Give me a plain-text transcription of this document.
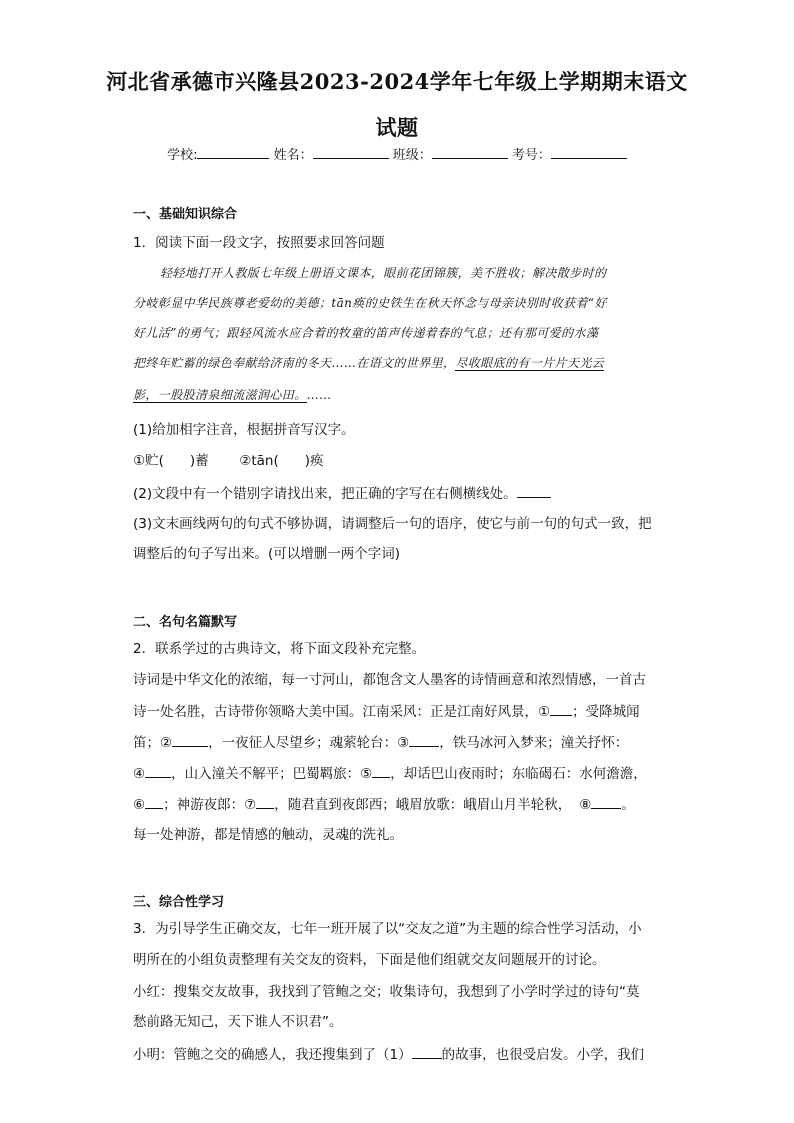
河北省承德市兴隆县2023-2024学年七年级上学期期末语文
试题
学校:	姓名：	班级：	考号：
一、基础知识综合
1．阅读下面一段文字，按照要求回答问题
轻轻地打开人教版七年级上册语文课本，眼前花团锦簇，美不胜收；解决散步时的
分岐彰显中华民族尊老爱幼的美德；tān痪的史铁生在秋天怀念与母亲诀别时收获着“好
好儿活”的勇气；跟轻风流水应合着的牧童的笛声传递着春的气息；还有那可爱的水藻
把终年贮蓄的绿色奉献给济南的冬天……在语文的世界里，尽收眼底的有一片片天光云
影，一股股清泉细流滋润心田。……
(1)给加相字注音，根据拼音写汉字。
①贮( )蓄 ②tān( )痪
(2)文段中有一个错别字请找出来，把正确的字写在右侧横线处。
(3)文末画线两句的句式不够协调，请调整后一句的语序，使它与前一句的句式一致，把
调整后的句子写出来。(可以增删一两个字词)
二、名句名篇默写
2．联系学过的古典诗文，将下面文段补充完整。
诗词是中华文化的浓缩，每一寸河山，都饱含文人墨客的诗情画意和浓烈情感，一首古
诗一处名胜，古诗带你领略大美中国。江南采风：正是江南好风景，① ；受降城闻
笛；②	，一夜征人尽望乡；魂萦轮台：③ ，铁马冰河入梦来；潼关抒怀：
④ ，山入潼关不解平；巴蜀羁旅：⑤ ，却话巴山夜雨时；东临碣石：水何澹澹，
⑥ ；神游夜郎：⑦ ，随君直到夜郎西；峨眉放歌：峨眉山月半轮秋， ⑧ 。
每一处神游，都是情感的触动，灵魂的洗礼。
三、综合性学习
3．为引导学生正确交友，七年一班开展了以“交友之道”为主题的综合性学习活动，小
明所在的小组负责整理有关交友的资料，下面是他们组就交友问题展开的讨论。
小红：搜集交友故事，我找到了管鲍之交；收集诗句，我想到了小学时学过的诗句“莫
愁前路无知己，天下谁人不识君”。
小明：管鲍之交的确感人，我还搜集到了（1） 的故事，也很受启发。小学，我们
